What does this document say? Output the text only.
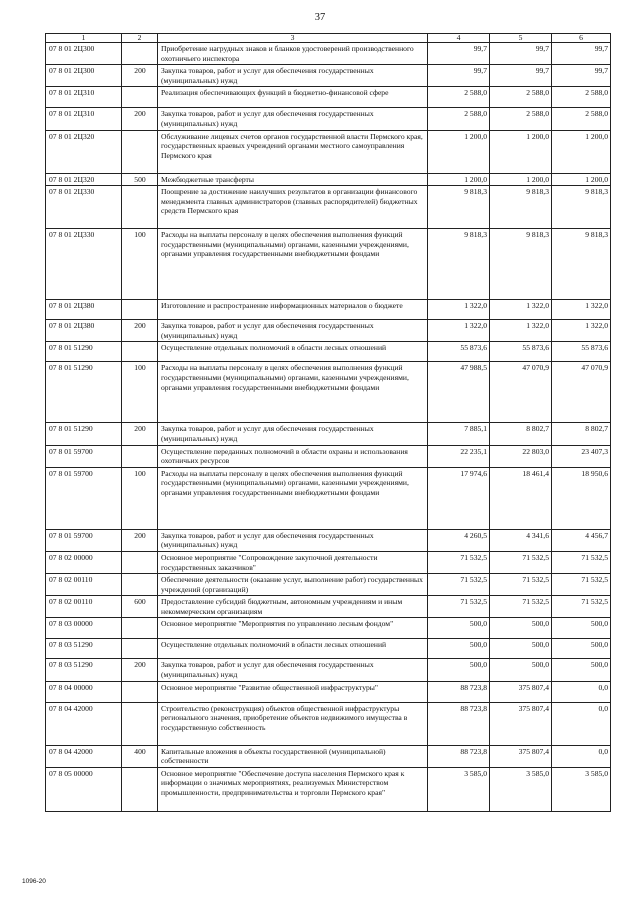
37
1	2	3	4	5	6
07 8 01 2Ц300		Приобретение нагрудных знаков и бланков удостоверений производственного охотничьего инспектора	99,7	99,7	99,7
07 8 01 2Ц300	200	Закупка товаров, работ и услуг для обеспечения государственных (муниципальных) нужд	99,7	99,7	99,7
07 8 01 2Ц310		Реализация обеспечивающих функций в бюджетно-финансовой сфере	2 588,0	2 588,0	2 588,0
07 8 01 2Ц310	200	Закупка товаров, работ и услуг для обеспечения государственных (муниципальных) нужд	2 588,0	2 588,0	2 588,0
07 8 01 2Ц320		Обслуживание лицевых счетов органов государственной власти Пермского края, государственных краевых учреждений органами местного самоуправления Пермского края	1 200,0	1 200,0	1 200,0
07 8 01 2Ц320	500	Межбюджетные трансферты	1 200,0	1 200,0	1 200,0
07 8 01 2Ц330		Поощрение за достижение наилучших результатов в организации финансового менеджмента главных администраторов (главных распорядителей) бюджетных средств Пермского края	9 818,3	9 818,3	9 818,3
07 8 01 2Ц330	100	Расходы на выплаты персоналу в целях обеспечения выполнения функций государственными (муниципальными) органами, казенными учреждениями, органами управления государственными внебюджетными фондами	9 818,3	9 818,3	9 818,3
07 8 01 2Ц380		Изготовление и распространение информационных материалов о бюджете	1 322,0	1 322,0	1 322,0
07 8 01 2Ц380	200	Закупка товаров, работ и услуг для обеспечения государственных (муниципальных) нужд	1 322,0	1 322,0	1 322,0
07 8 01 51290		Осуществление отдельных полномочий в области лесных отношений	55 873,6	55 873,6	55 873,6
07 8 01 51290	100	Расходы на выплаты персоналу в целях обеспечения выполнения функций государственными (муниципальными) органами, казенными учреждениями, органами управления государственными внебюджетными фондами	47 988,5	47 070,9	47 070,9
07 8 01 51290	200	Закупка товаров, работ и услуг для обеспечения государственных (муниципальных) нужд	7 885,1	8 802,7	8 802,7
07 8 01 59700		Осуществление переданных полномочий в области охраны и использования охотничьих ресурсов	22 235,1	22 803,0	23 407,3
07 8 01 59700	100	Расходы на выплаты персоналу в целях обеспечения выполнения функций государственными (муниципальными) органами, казенными учреждениями, органами управления государственными внебюджетными фондами	17 974,6	18 461,4	18 950,6
07 8 01 59700	200	Закупка товаров, работ и услуг для обеспечения государственных (муниципальных) нужд	4 260,5	4 341,6	4 456,7
07 8 02 00000		Основное мероприятие "Сопровождение закупочной деятельности государственных заказчиков"	71 532,5	71 532,5	71 532,5
07 8 02 00110		Обеспечение деятельности (оказание услуг, выполнение работ) государственных учреждений (организаций)	71 532,5	71 532,5	71 532,5
07 8 02 00110	600	Предоставление субсидий бюджетным, автономным учреждениям и иным некоммерческим организациям	71 532,5	71 532,5	71 532,5
07 8 03 00000		Основное мероприятие "Мероприятия по управлению лесным фондом"	500,0	500,0	500,0
07 8 03 51290		Осуществление отдельных полномочий в области лесных отношений	500,0	500,0	500,0
07 8 03 51290	200	Закупка товаров, работ и услуг для обеспечения государственных (муниципальных) нужд	500,0	500,0	500,0
07 8 04 00000		Основное мероприятие "Развитие общественной инфраструктуры"	88 723,8	375 807,4	0,0
07 8 04 42000		Строительство (реконструкция) объектов общественной инфраструктуры регионального значения, приобретение объектов недвижимого имущества в государственную собственность	88 723,8	375 807,4	0,0
07 8 04 42000	400	Капитальные вложения в объекты государственной (муниципальной) собственности	88 723,8	375 807,4	0,0
07 8 05 00000		Основное мероприятие "Обеспечение доступа населения Пермского края к информации о значимых мероприятиях, реализуемых Министерством промышленности, предпринимательства и торговли Пермского края"	3 585,0	3 585,0	3 585,0
1096-20
